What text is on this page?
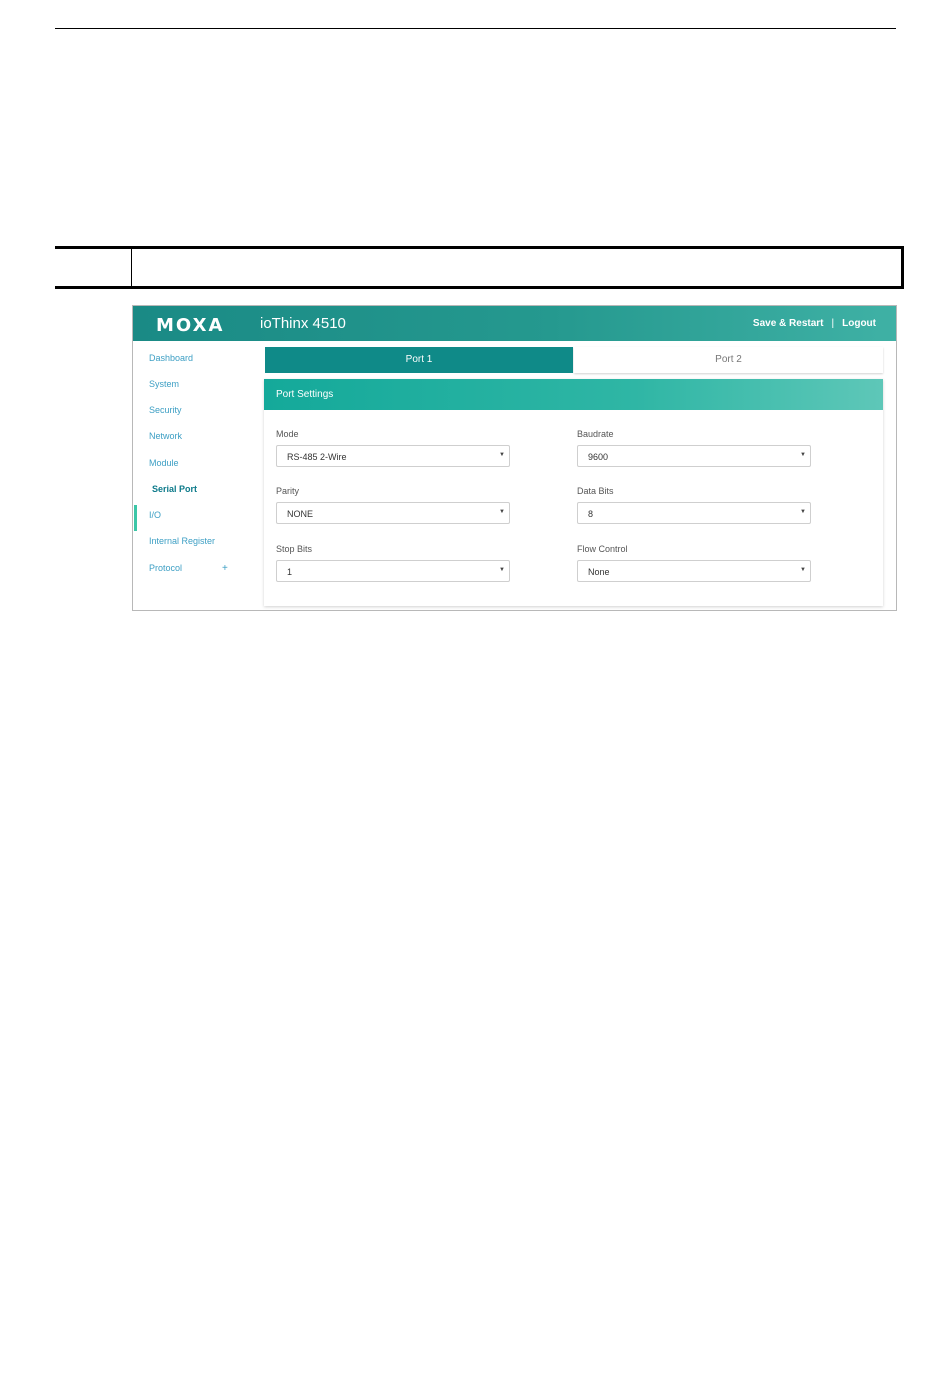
MOXA ioThinx 4510	Save & Restart | Logout
Dashboard
System
Security
Network
Module
Serial Port
I/O
Internal Register
Protocol	+
Port 1	Port 2
Port Settings
Mode
RS-485 2-Wire	▼
Baudrate
9600	▼
Parity
NONE	▼
Data Bits
8	▼
Stop Bits
1	▼
Flow Control
None	▼
